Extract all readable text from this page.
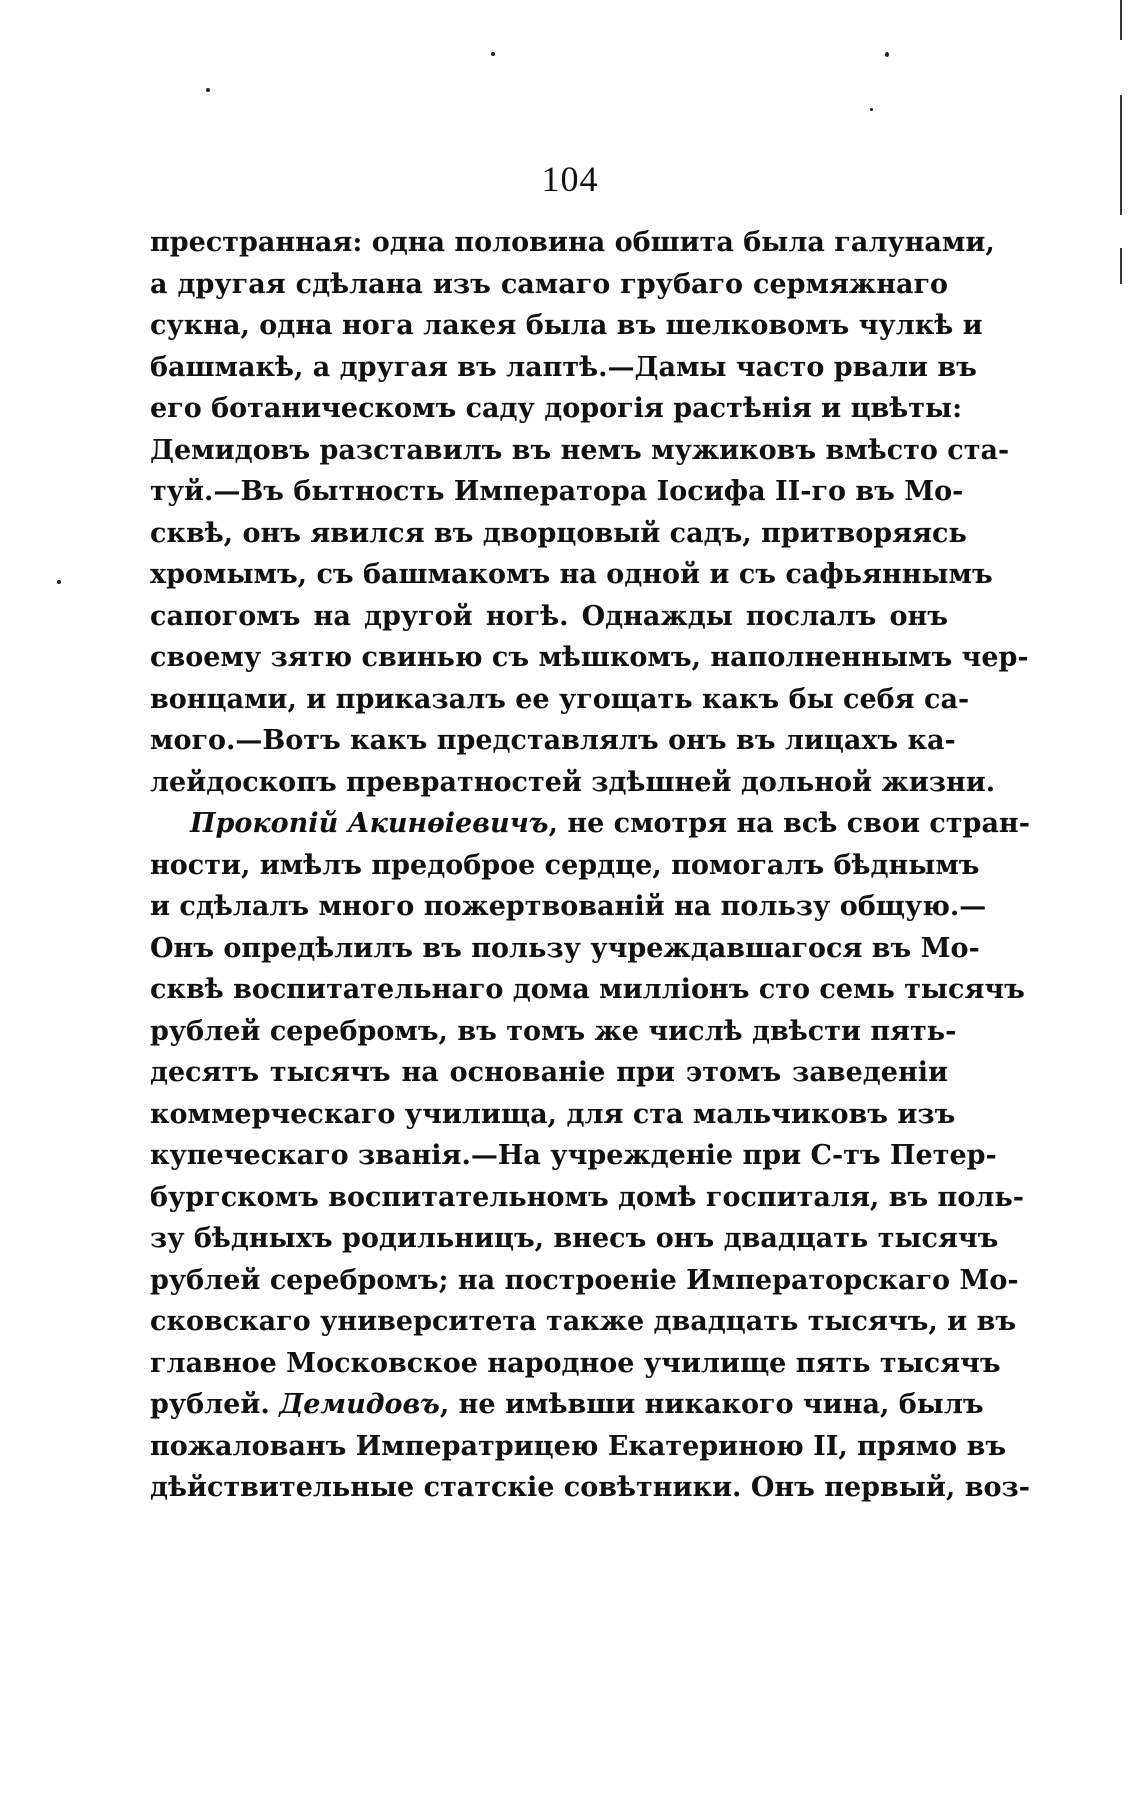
104
престранная: одна половина обшита была галунами,
а другая сдѣлана изъ самаго грубаго сермяжнаго
сукна, одна нога лакея была въ шелковомъ чулкѣ и
башмакѣ, а другая въ лаптѣ.—Дамы часто рвали въ
его ботаническомъ саду дорогія растѣнія и цвѣты:
Демидовъ разставилъ въ немъ мужиковъ вмѣсто ста-
туй.—Въ бытность Императора Іосифа II-го въ Мо-
сквѣ, онъ явился въ дворцовый садъ, притворяясь
хромымъ, съ башмакомъ на одной и съ сафьяннымъ
сапогомъ на другой ногѣ. Однажды послалъ онъ
своему зятю свинью съ мѣшкомъ, наполненнымъ чер-
вонцами, и приказалъ ее угощать какъ бы себя са-
мого.—Вотъ какъ представлялъ онъ въ лицахъ ка-
лейдоскопъ превратностей здѣшней дольной жизни.
Прокопій Акинѳіевичъ, не смотря на всѣ свои стран-
ности, имѣлъ предоброе сердце, помогалъ бѣднымъ
и сдѣлалъ много пожертвованій на пользу общую.—
Онъ опредѣлилъ въ пользу учреждавшагося въ Мо-
сквѣ воспитательнаго дома милліонъ сто семь тысячъ
рублей серебромъ, въ томъ же числѣ двѣсти пять-
десятъ тысячъ на основаніе при этомъ заведеніи
коммерческаго училища, для ста мальчиковъ изъ
купеческаго званія.—На учрежденіе при С-тъ Петер-
бургскомъ воспитательномъ домѣ госпиталя, въ поль-
зу бѣдныхъ родильницъ, внесъ онъ двадцать тысячъ
рублей серебромъ; на построеніе Императорскаго Мо-
сковскаго университета также двадцать тысячъ, и въ
главное Московское народное училище пять тысячъ
рублей. Демидовъ, не имѣвши никакого чина, былъ
пожалованъ Императрицею Екатериною II, прямо въ
дѣйствительные статскіе совѣтники. Онъ первый, воз-
